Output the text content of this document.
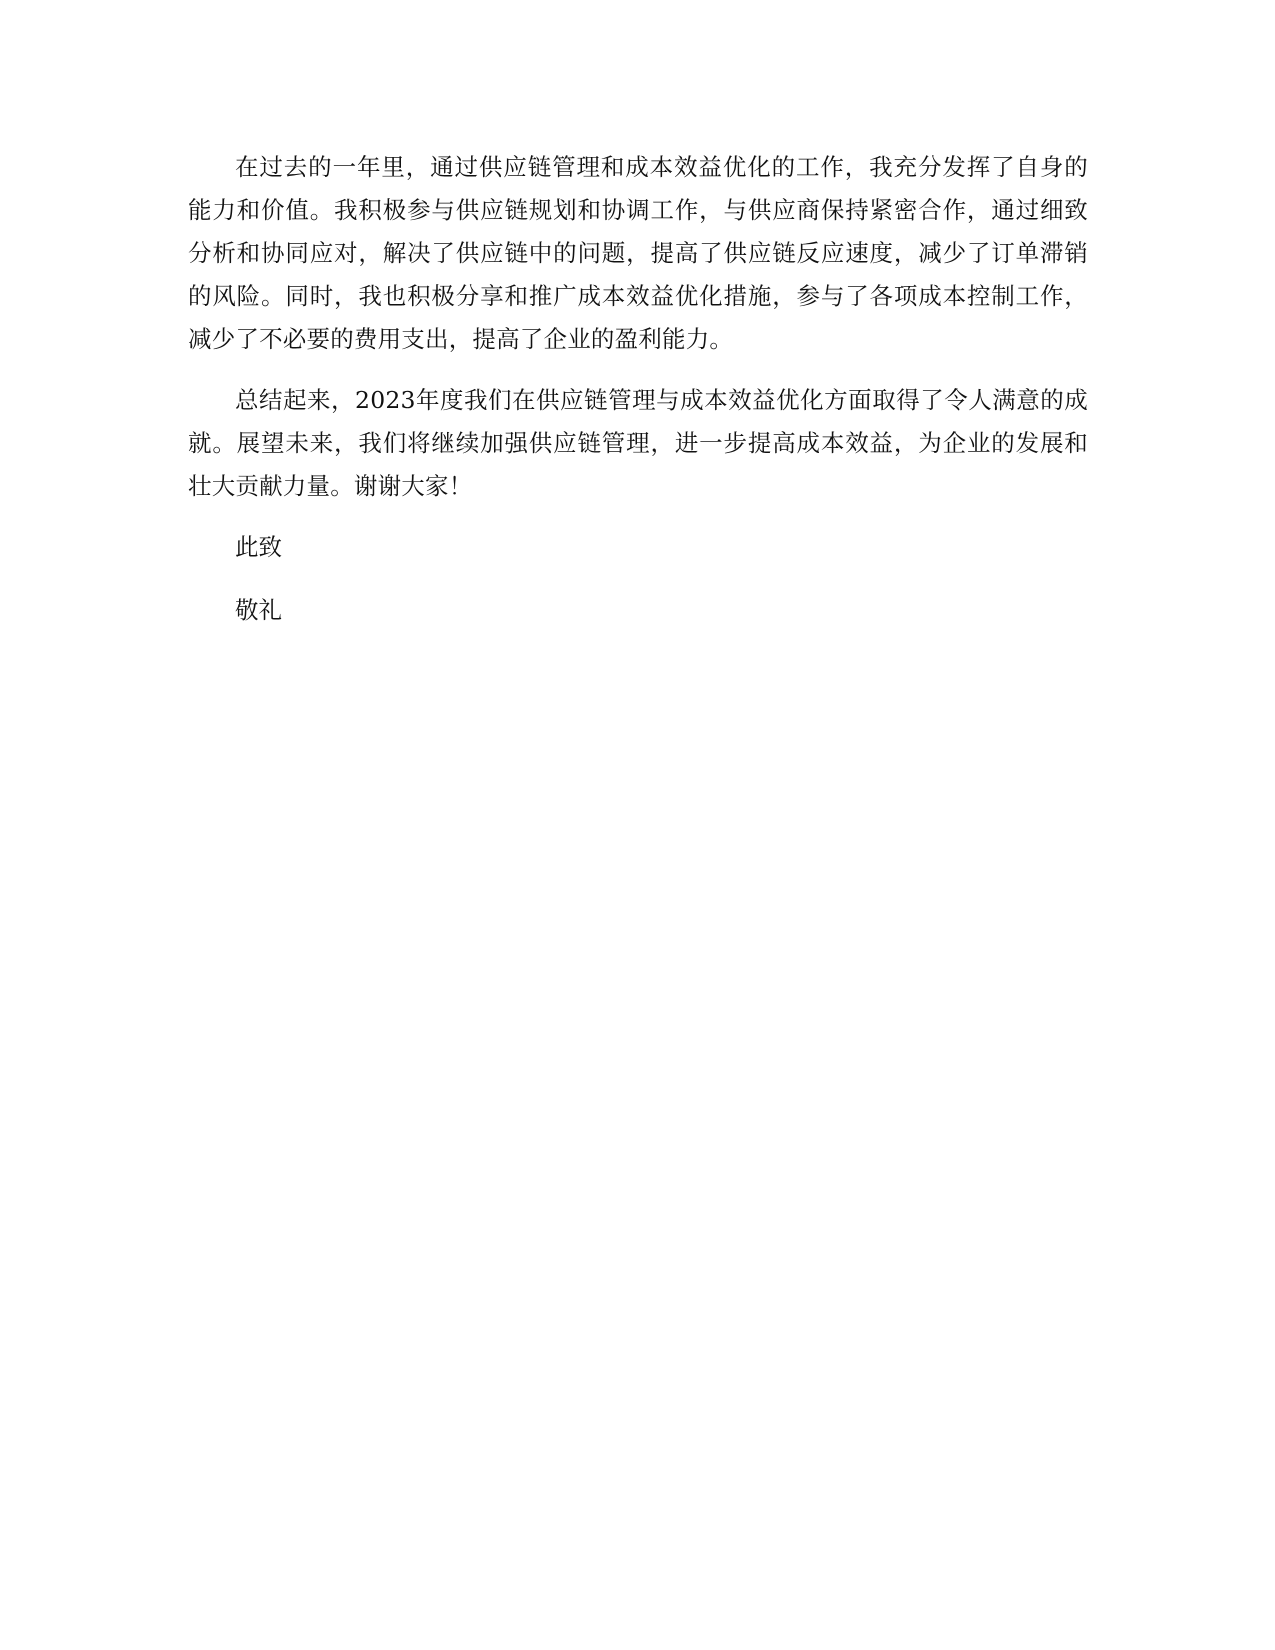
在过去的一年里，通过供应链管理和成本效益优化的工作，我充分发挥了自身的能力和价值。我积极参与供应链规划和协调工作，与供应商保持紧密合作，通过细致分析和协同应对，解决了供应链中的问题，提高了供应链反应速度，减少了订单滞销的风险。同时，我也积极分享和推广成本效益优化措施，参与了各项成本控制工作，减少了不必要的费用支出，提高了企业的盈利能力。

总结起来，2023年度我们在供应链管理与成本效益优化方面取得了令人满意的成就。展望未来，我们将继续加强供应链管理，进一步提高成本效益，为企业的发展和壮大贡献力量。谢谢大家！

此致

敬礼
